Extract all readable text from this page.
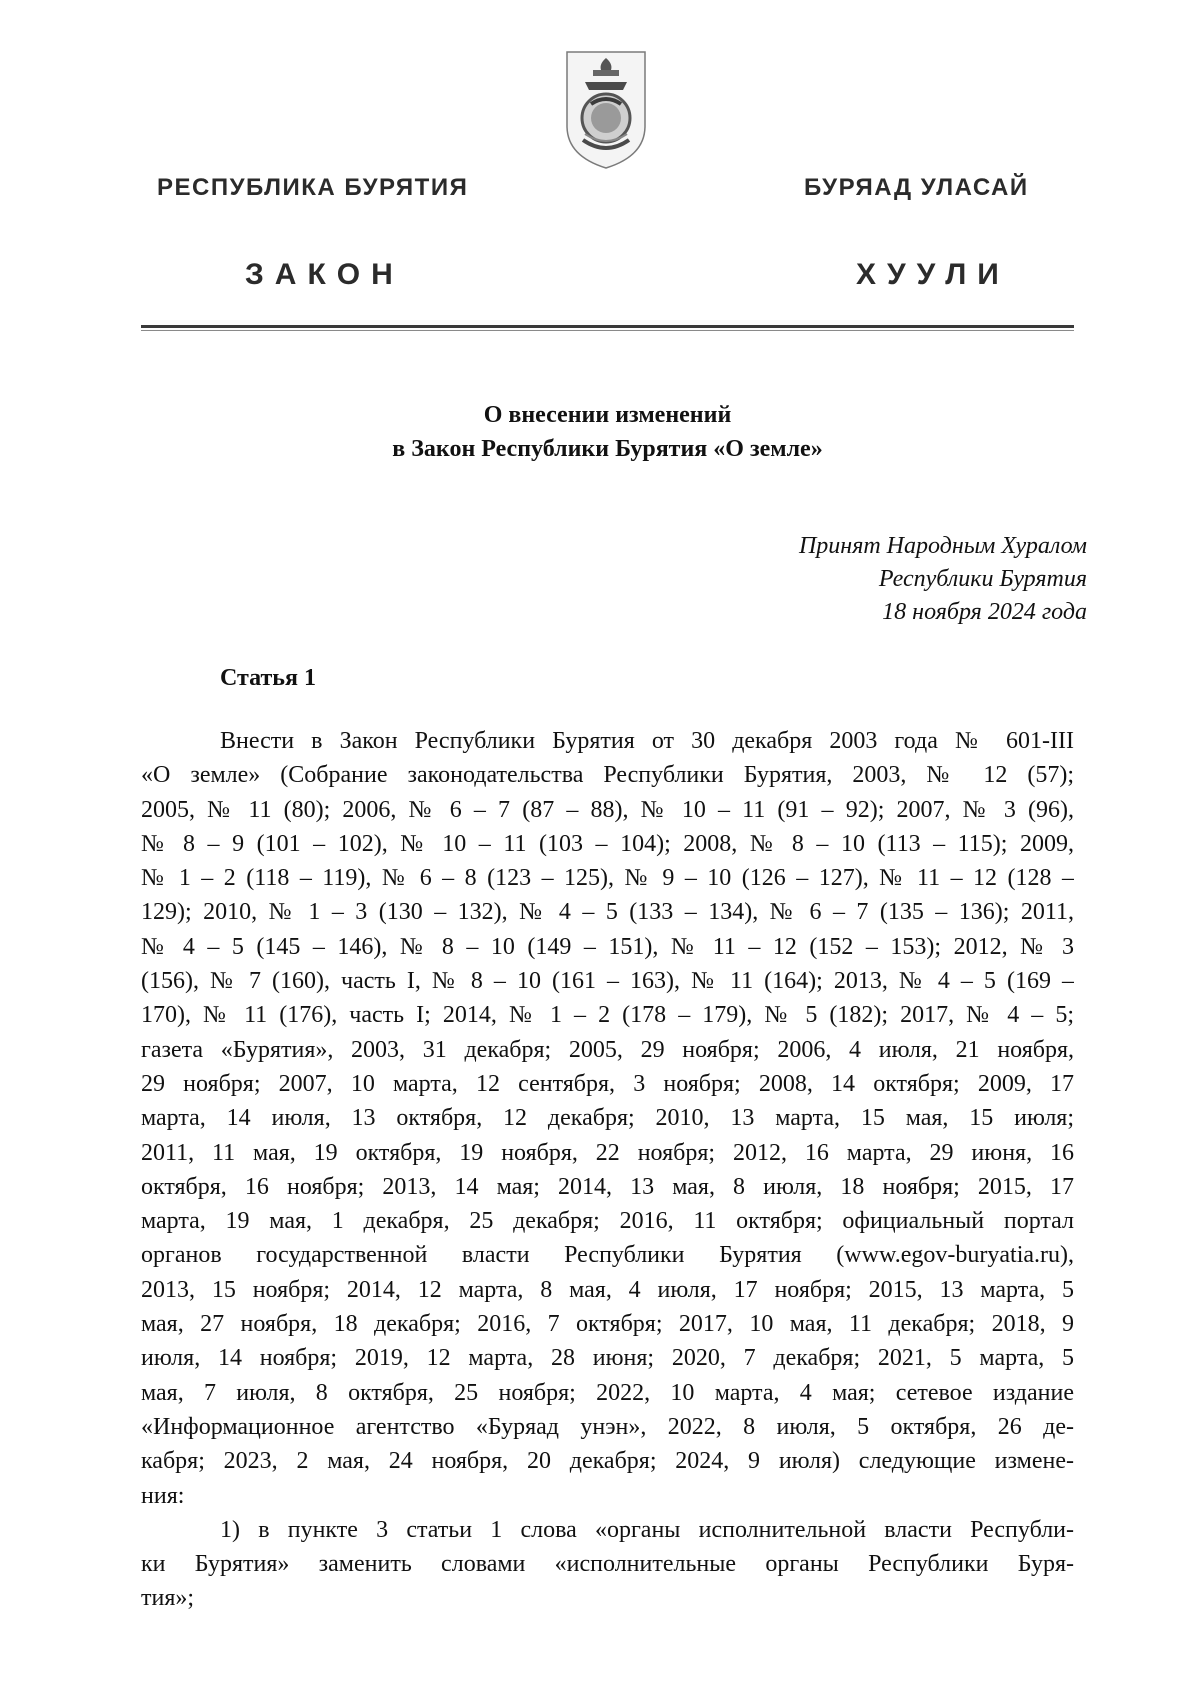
РЕСПУБЛИКА БУРЯТИЯ	БУРЯАД УЛАСАЙ
ЗАКОН	ХУУЛИ
О внесении изменений
в Закон Республики Бурятия «О земле»
Принят Народным Хуралом
Республики Бурятия
18 ноября 2024 года
Статья 1
Внести в Закон Республики Бурятия от 30 декабря 2003 года № 601-III
«О земле» (Собрание законодательства Республики Бурятия, 2003, № 12 (57);
2005, № 11 (80); 2006, № 6 – 7 (87 – 88), № 10 – 11 (91 – 92); 2007, № 3 (96),
№ 8 – 9 (101 – 102), № 10 – 11 (103 – 104); 2008, № 8 – 10 (113 – 115); 2009,
№ 1 – 2 (118 – 119), № 6 – 8 (123 – 125), № 9 – 10 (126 – 127), № 11 – 12 (128 –
129); 2010, № 1 – 3 (130 – 132), № 4 – 5 (133 – 134), № 6 – 7 (135 – 136); 2011,
№ 4 – 5 (145 – 146), № 8 – 10 (149 – 151), № 11 – 12 (152 – 153); 2012, № 3
(156), № 7 (160), часть I, № 8 – 10 (161 – 163), № 11 (164); 2013, № 4 – 5 (169 –
170), № 11 (176), часть I; 2014, № 1 – 2 (178 – 179), № 5 (182); 2017, № 4 – 5;
газета «Бурятия», 2003, 31 декабря; 2005, 29 ноября; 2006, 4 июля, 21 ноября,
29 ноября; 2007, 10 марта, 12 сентября, 3 ноября; 2008, 14 октября; 2009, 17
марта, 14 июля, 13 октября, 12 декабря; 2010, 13 марта, 15 мая, 15 июля;
2011, 11 мая, 19 октября, 19 ноября, 22 ноября; 2012, 16 марта, 29 июня, 16
октября, 16 ноября; 2013, 14 мая; 2014, 13 мая, 8 июля, 18 ноября; 2015, 17
марта, 19 мая, 1 декабря, 25 декабря; 2016, 11 октября; официальный портал
органов государственной власти Республики Бурятия (www.egov-buryatia.ru),
2013, 15 ноября; 2014, 12 марта, 8 мая, 4 июля, 17 ноября; 2015, 13 марта, 5
мая, 27 ноября, 18 декабря; 2016, 7 октября; 2017, 10 мая, 11 декабря; 2018, 9
июля, 14 ноября; 2019, 12 марта, 28 июня; 2020, 7 декабря; 2021, 5 марта, 5
мая, 7 июля, 8 октября, 25 ноября; 2022, 10 марта, 4 мая; сетевое издание
«Информационное агентство «Буряад унэн», 2022, 8 июля, 5 октября, 26 де-
кабря; 2023, 2 мая, 24 ноября, 20 декабря; 2024, 9 июля) следующие измене-
ния:
1) в пункте 3 статьи 1 слова «органы исполнительной власти Республи-
ки Бурятия» заменить словами «исполнительные органы Республики Буря-
тия»;
